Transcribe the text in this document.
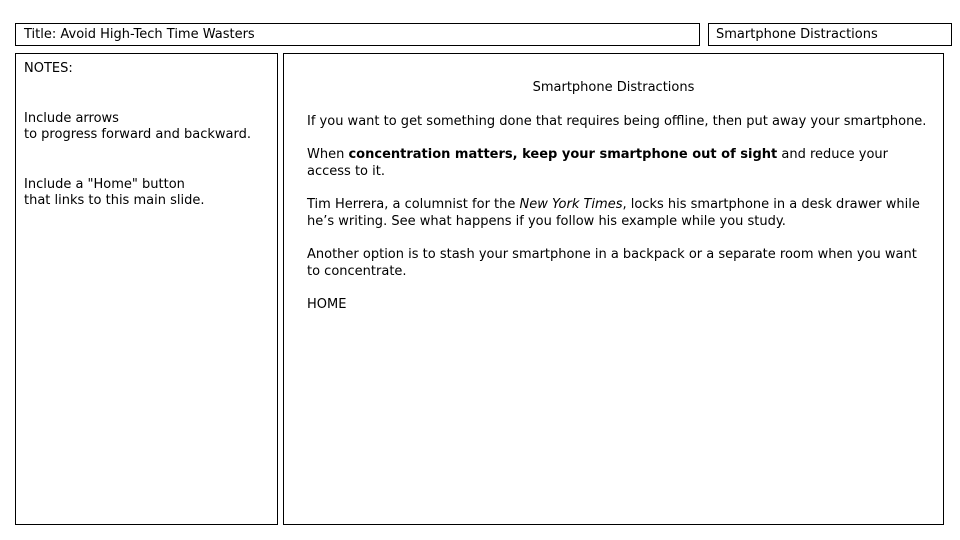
Title: Avoid High-Tech Time Wasters	Smartphone Distractions
NOTES:
Include arrows
to progress forward and backward.
Include a "Home" button
that links to this main slide.
Smartphone Distractions
If you want to get something done that requires being offline, then put away your smartphone.
When concentration matters, keep your smartphone out of sight and reduce your access to it.
Tim Herrera, a columnist for the New York Times, locks his smartphone in a desk drawer while he’s writing. See what happens if you follow his example while you study.
Another option is to stash your smartphone in a backpack or a separate room when you want to concentrate.
HOME
